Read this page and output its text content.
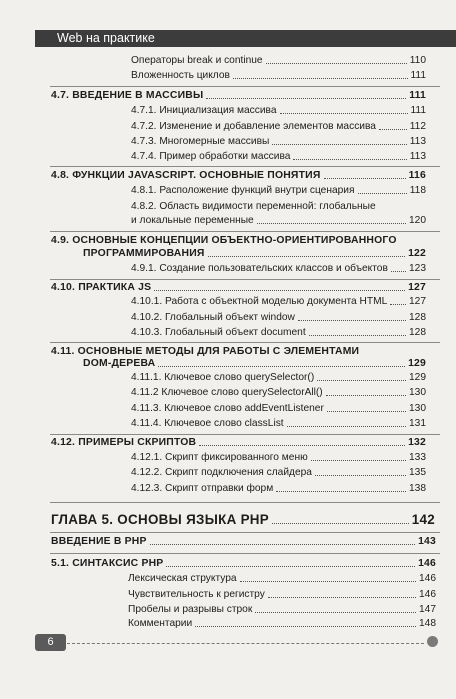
Web на практике
Операторы break и continue	110
Вложенность циклов	111
4.7. ВВЕДЕНИЕ В МАССИВЫ	111
4.7.1. Инициализация массива	111
4.7.2. Изменение и добавление элементов массива	112
4.7.3. Многомерные массивы	113
4.7.4. Пример обработки массива	113
4.8. ФУНКЦИИ JAVASCRIPT. ОСНОВНЫЕ ПОНЯТИЯ	116
4.8.1. Расположение функций внутри сценария	118
4.8.2. Область видимости переменной: глобальные
и локальные переменные	120
4.9. ОСНОВНЫЕ КОНЦЕПЦИИ ОБЪЕКТНО-ОРИЕНТИРОВАННОГО
ПРОГРАММИРОВАНИЯ	122
4.9.1. Создание пользовательских классов и объектов 123
4.10. ПРАКТИКА JS	127
4.10.1. Работа с объектной моделью документа HTML 127
4.10.2. Глобальный объект window	128
4.10.3. Глобальный объект document	128
4.11. ОСНОВНЫЕ МЕТОДЫ ДЛЯ РАБОТЫ С ЭЛЕМЕНТАМИ
DOM-ДЕРЕВА	129
4.11.1. Ключевое слово querySelector()	129
4.11.2 Ключевое слово querySelectorAll()	130
4.11.3. Ключевое слово addEventListener	130
4.11.4. Ключевое слово classList	131
4.12. ПРИМЕРЫ СКРИПТОВ	132
4.12.1. Скрипт фиксированного меню	133
4.12.2. Скрипт подключения слайдера	135
4.12.3. Скрипт отправки форм	138
ГЛАВА 5. ОСНОВЫ ЯЗЫКА PHP	142
ВВЕДЕНИЕ В PHP	143
5.1. СИНТАКСИС PHP	146
Лексическая структура	146
Чувствительность к регистру	146
Пробелы и разрывы строк	147
Комментарии	148
6
